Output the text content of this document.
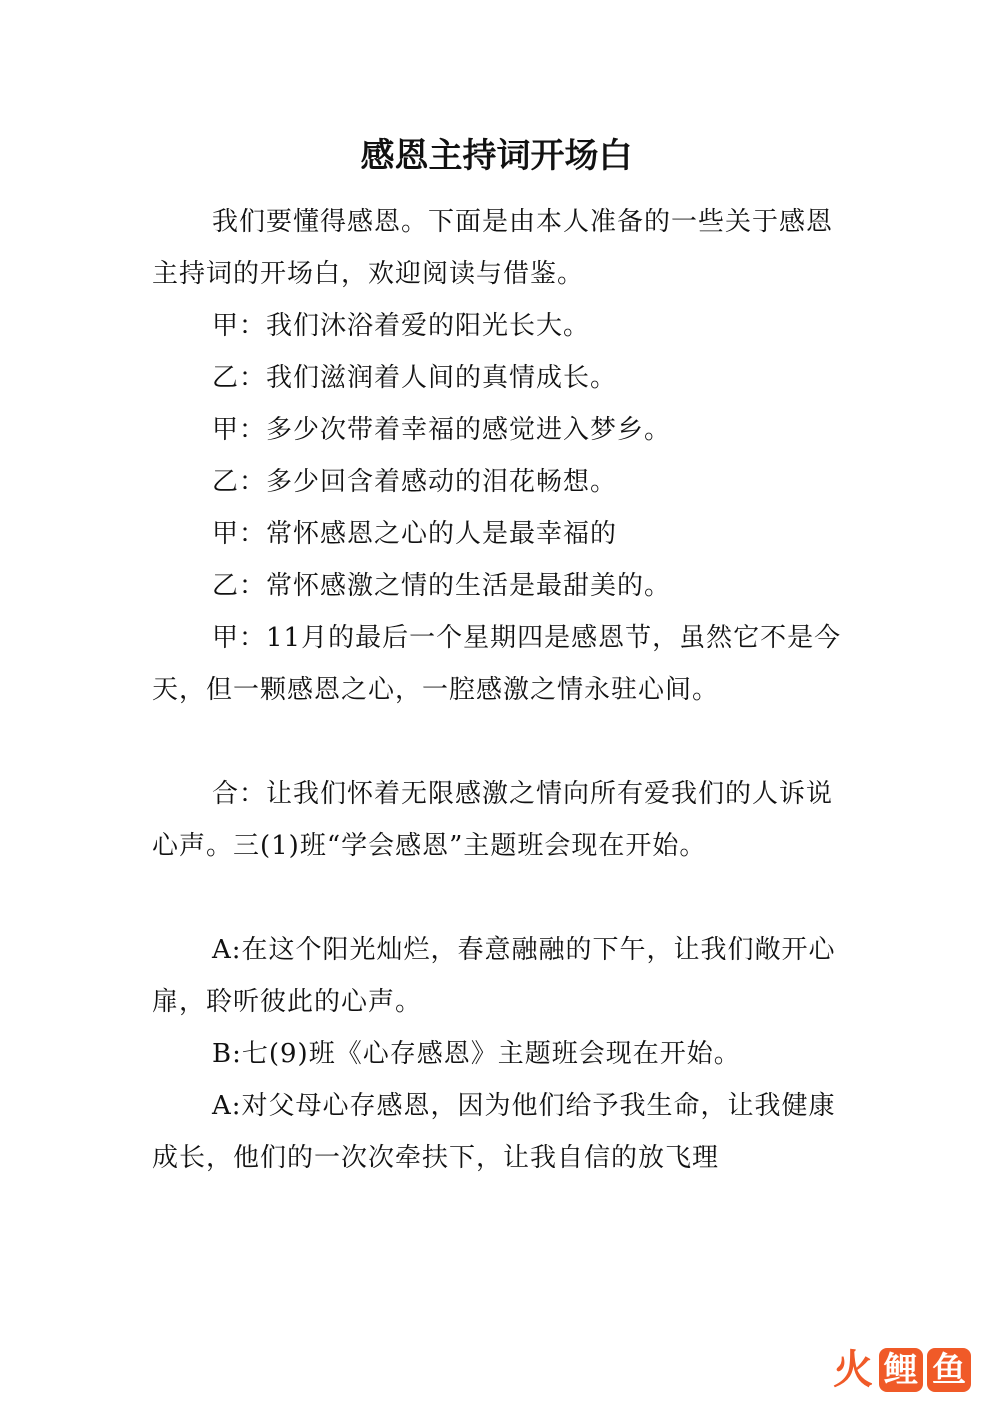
感恩主持词开场白

我们要懂得感恩。下面是由本人准备的一些关于感恩主持词的开场白，欢迎阅读与借鉴。

甲：我们沐浴着爱的阳光长大。

乙：我们滋润着人间的真情成长。

甲：多少次带着幸福的感觉进入梦乡。

乙：多少回含着感动的泪花畅想。

甲：常怀感恩之心的人是最幸福的

乙：常怀感激之情的生活是最甜美的。

甲：11月的最后一个星期四是感恩节，虽然它不是今天，但一颗感恩之心，一腔感激之情永驻心间。

合：让我们怀着无限感激之情向所有爱我们的人诉说心声。三(1)班“学会感恩”主题班会现在开始。

A:在这个阳光灿烂，春意融融的下午，让我们敞开心扉，聆听彼此的心声。

B:七(9)班《心存感恩》主题班会现在开始。

A:对父母心存感恩，因为他们给予我生命，让我健康成长，他们的一次次牵扶下，让我自信的放飞理

火 鲤 鱼
